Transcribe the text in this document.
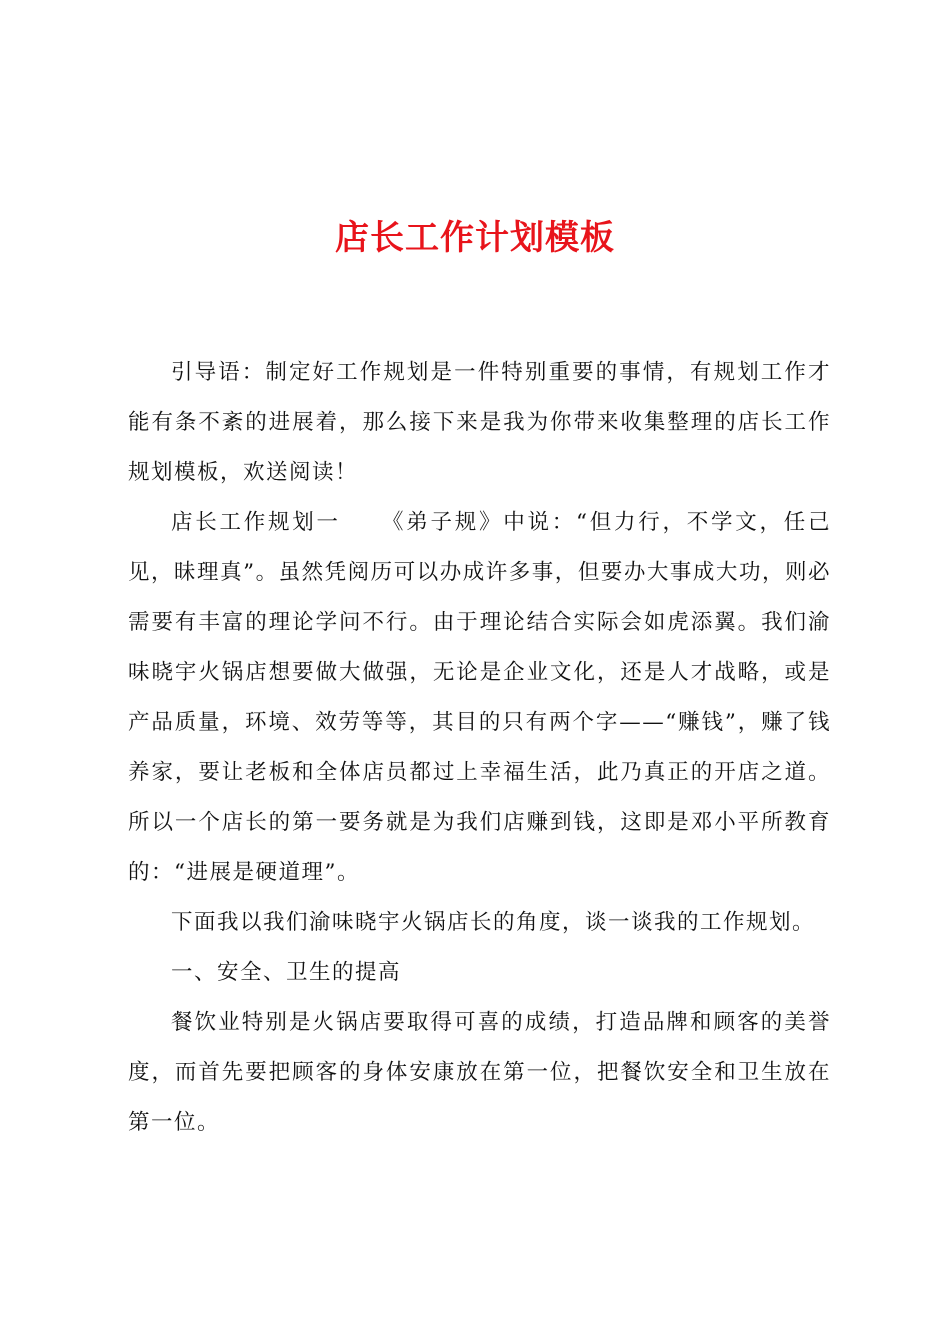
店长工作计划模板

引导语：制定好工作规划是一件特别重要的事情，有规划工作才能有条不紊的进展着，那么接下来是我为你带来收集整理的店长工作规划模板，欢送阅读！

店长工作规划一 《弟子规》中说：“但力行，不学文，任己见，昧理真”。虽然凭阅历可以办成许多事，但要办大事成大功，则必需要有丰富的理论学问不行。由于理论结合实际会如虎添翼。我们渝味晓宇火锅店想要做大做强，无论是企业文化，还是人才战略，或是产品质量，环境、效劳等等，其目的只有两个字——“赚钱”，赚了钱养家，要让老板和全体店员都过上幸福生活，此乃真正的开店之道。所以一个店长的第一要务就是为我们店赚到钱，这即是邓小平所教育的：“进展是硬道理”。

下面我以我们渝味晓宇火锅店长的角度，谈一谈我的工作规划。

一、安全、卫生的提高

餐饮业特别是火锅店要取得可喜的成绩，打造品牌和顾客的美誉度，而首先要把顾客的身体安康放在第一位，把餐饮安全和卫生放在第一位。
